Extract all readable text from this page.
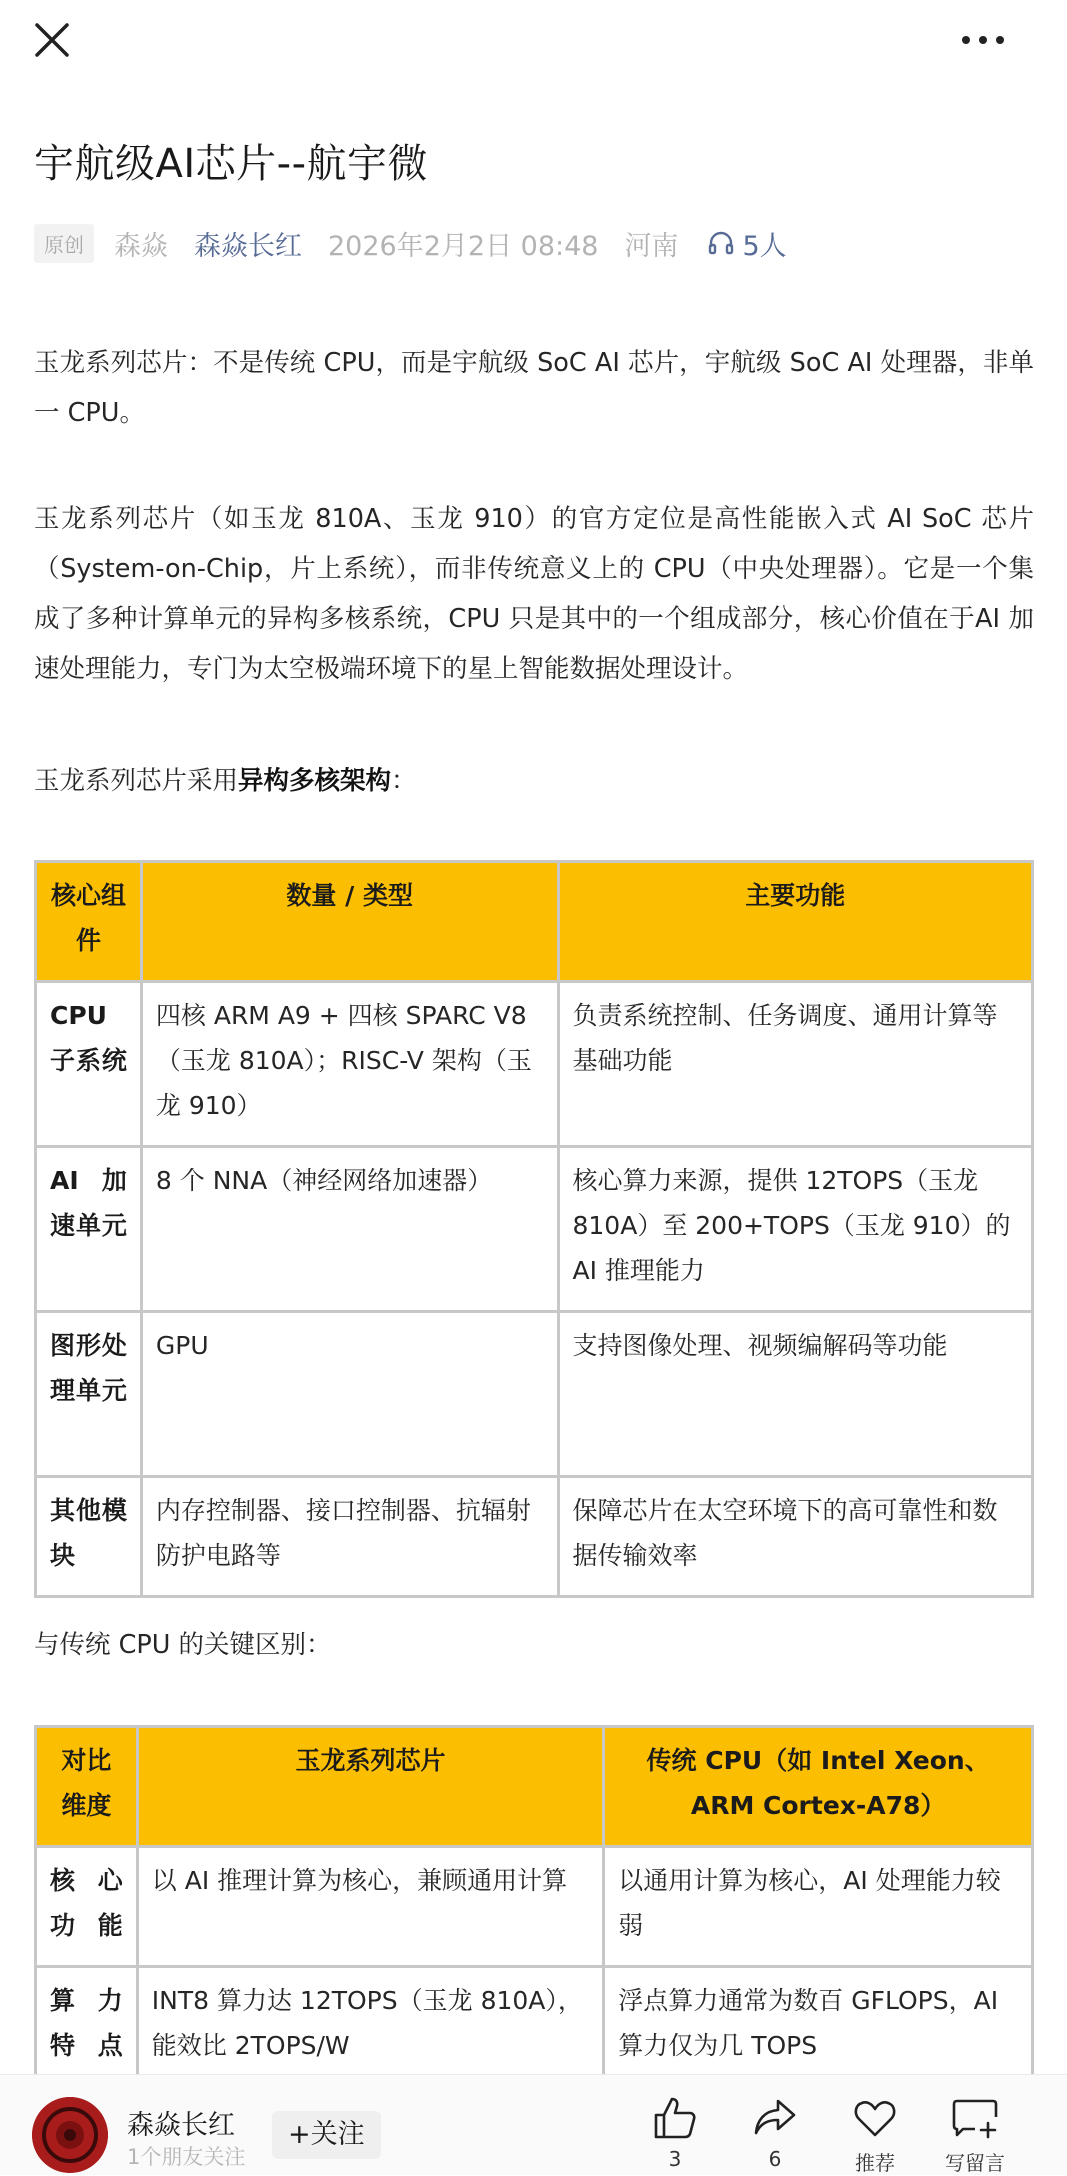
宇航级AI芯片--航宇微
原创	森焱 森焱长红 2026年2月2日 08:48 河南 5人

玉龙系列芯片：不是传统 CPU，而是宇航级 SoC AI 芯片，宇航级 SoC AI 处理器，非单一 CPU。

玉龙系列芯片（如玉龙 810A、玉龙 910）的官方定位是高性能嵌入式 AI SoC 芯片（System-on-Chip，片上系统），而非传统意义上的 CPU（中央处理器）。它是一个集成了多种计算单元的异构多核系统，CPU 只是其中的一个组成部分，核心价值在于AI 加速处理能力，专门为太空极端环境下的星上智能数据处理设计。

玉龙系列芯片采用异构多核架构：

核心组件	数量 / 类型	主要功能
CPU 子系统	四核 ARM A9 + 四核 SPARC V8（玉龙 810A）；RISC-V 架构（玉龙 910）	负责系统控制、任务调度、通用计算等基础功能
AI 加速单元	8 个 NNA（神经网络加速器）	核心算力来源，提供 12TOPS（玉龙 810A）至 200+TOPS（玉龙 910）的 AI 推理能力
图形处理单元	GPU	支持图像处理、视频编解码等功能
其他模块	内存控制器、接口控制器、抗辐射防护电路等	保障芯片在太空环境下的高可靠性和数据传输效率

与传统 CPU 的关键区别：

对比维度	玉龙系列芯片	传统 CPU（如 Intel Xeon、ARM Cortex-A78）
核心功能	以 AI 推理计算为核心，兼顾通用计算	以通用计算为核心，AI 处理能力较弱
算力特点	INT8 算力达 12TOPS（玉龙 810A），能效比 2TOPS/W	浮点算力通常为数百 GFLOPS，AI 算力仅为几 TOPS
森焱长红
1个朋友关注
+关注
3	6	推荐	写留言
